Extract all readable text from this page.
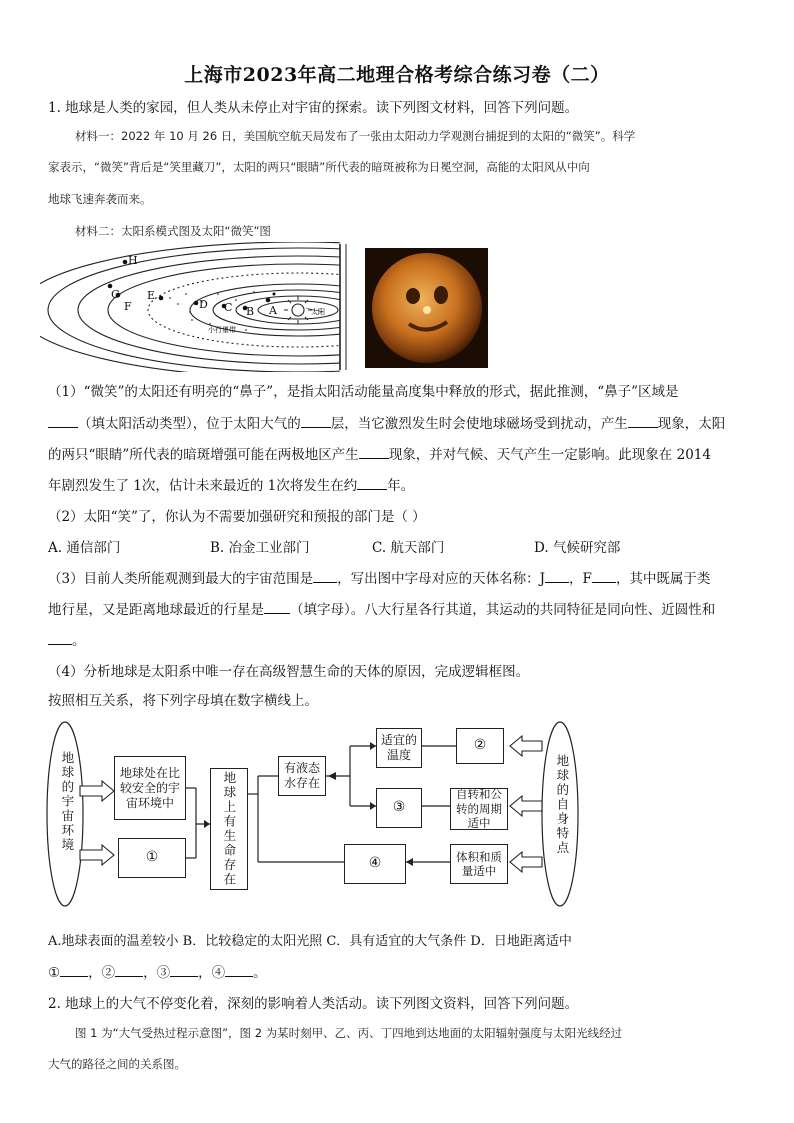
上海市2023年高二地理合格考综合练习卷（二）
1. 地球是人类的家园，但人类从未停止对宇宙的探索。读下列图文材料，回答下列问题。
材料一：2022 年 10 月 26 日，美国航空航天局发布了一张由太阳动力学观测台捕捉到的太阳的“微笑”。科学
家表示，“微笑”背后是“笑里藏刀”，太阳的两只“眼睛”所代表的暗斑被称为日冕空洞，高能的太阳风从中向
地球飞速奔袭而来。
材料二：太阳系模式图及太阳“微笑”图
太阳
H
G
F
E
D C B A
小行星带
（1）“微笑”的太阳还有明亮的“鼻子”，是指太阳活动能量高度集中释放的形式，据此推测，“鼻子”区域是
（填太阳活动类型），位于太阳大气的 层，当它激烈发生时会使地球磁场受到扰动，产生 现象，太阳
的两只“眼睛”所代表的暗斑增强可能在两极地区产生 现象，并对气候、天气产生一定影响。此现象在 2014
年剧烈发生了 1次，估计未来最近的 1次将发生在约 年。
（2）太阳“笑”了，你认为不需要加强研究和预报的部门是（ ）
A. 通信部门	B. 冶金工业部门	C. 航天部门	D. 气候研究部
（3）目前人类所能观测到最大的宇宙范围是 ，写出图中字母对应的天体名称：J ，F ，其中既属于类
地行星，又是距离地球最近的行星是 （填字母）。八大行星各行其道，其运动的共同特征是同向性、近圆性和
。
（4）分析地球是太阳系中唯一存在高级智慧生命的天体的原因，完成逻辑框图。
按照相互关系，将下列字母填在数字横线上。
地球的宇宙环境	地球的自身特点
地球处在比较安全的宇宙环境中
①	地球上有生命存在
有液态水存在
适宜的温度
②
③
自转和公转的周期适中
④	体积和质量适中
A.地球表面的温差较小 B．比较稳定的太阳光照 C．具有适宜的大气条件 D．日地距离适中
① ，② ，③ ，④ 。
2. 地球上的大气不停变化着，深刻的影响着人类活动。读下列图文资料，回答下列问题。
图 1 为“大气受热过程示意图”，图 2 为某时刻甲、乙、丙、丁四地到达地面的太阳辐射强度与太阳光线经过
大气的路径之间的关系图。
